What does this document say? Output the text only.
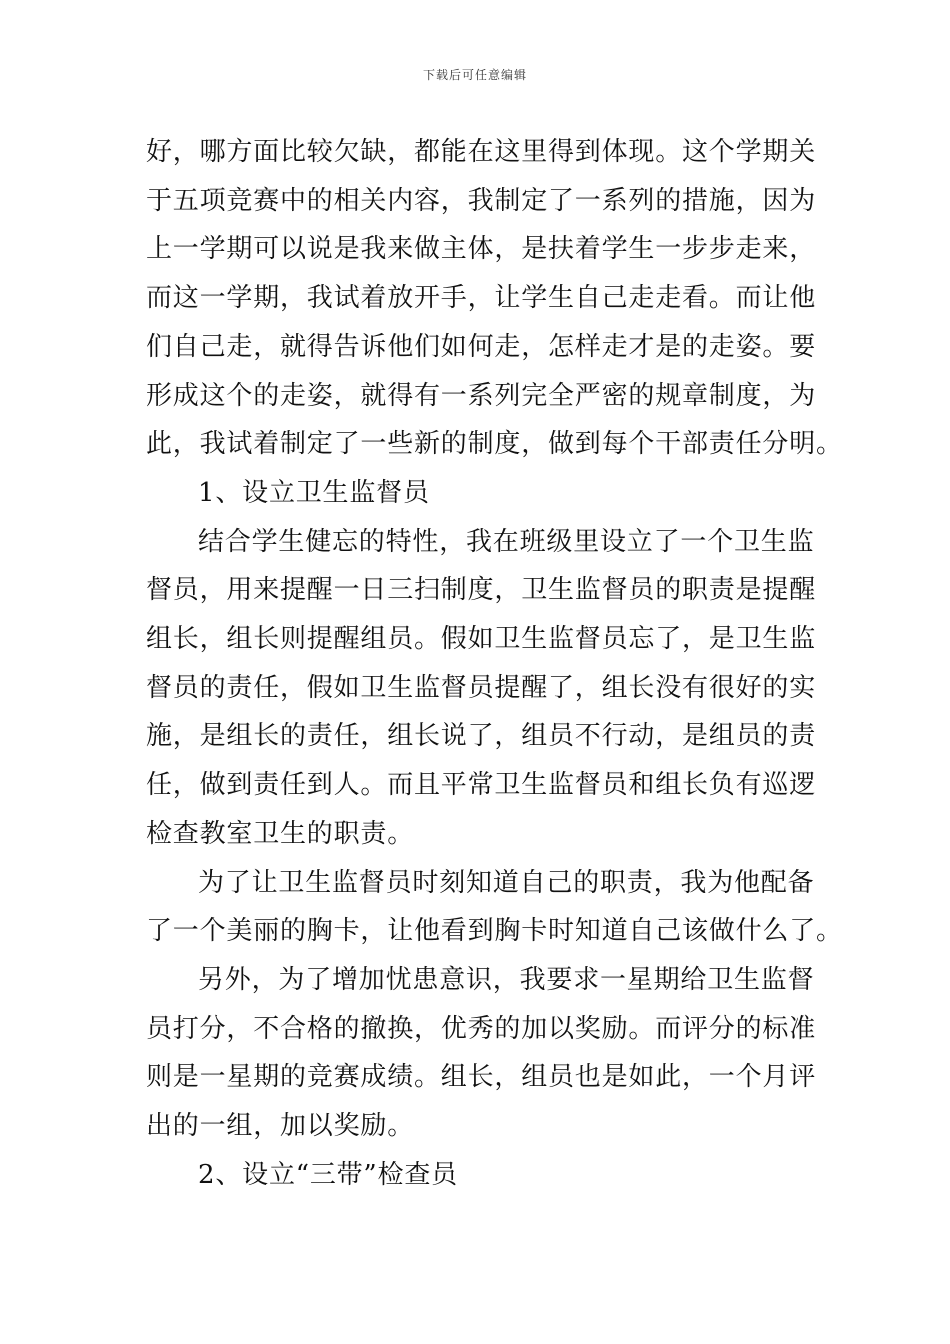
下载后可任意编辑
好，哪方面比较欠缺，都能在这里得到体现。这个学期关
于五项竞赛中的相关内容，我制定了一系列的措施，因为
上一学期可以说是我来做主体，是扶着学生一步步走来，
而这一学期，我试着放开手，让学生自己走走看。而让他
们自己走，就得告诉他们如何走，怎样走才是的走姿。要
形成这个的走姿，就得有一系列完全严密的规章制度，为
此，我试着制定了一些新的制度，做到每个干部责任分明。
1、设立卫生监督员
结合学生健忘的特性，我在班级里设立了一个卫生监
督员，用来提醒一日三扫制度，卫生监督员的职责是提醒
组长，组长则提醒组员。假如卫生监督员忘了，是卫生监
督员的责任，假如卫生监督员提醒了，组长没有很好的实
施，是组长的责任，组长说了，组员不行动，是组员的责
任，做到责任到人。而且平常卫生监督员和组长负有巡逻
检查教室卫生的职责。
为了让卫生监督员时刻知道自己的职责，我为他配备
了一个美丽的胸卡，让他看到胸卡时知道自己该做什么了。
另外，为了增加忧患意识，我要求一星期给卫生监督
员打分，不合格的撤换，优秀的加以奖励。而评分的标准
则是一星期的竞赛成绩。组长，组员也是如此，一个月评
出的一组，加以奖励。
2、设立“三带”检查员
